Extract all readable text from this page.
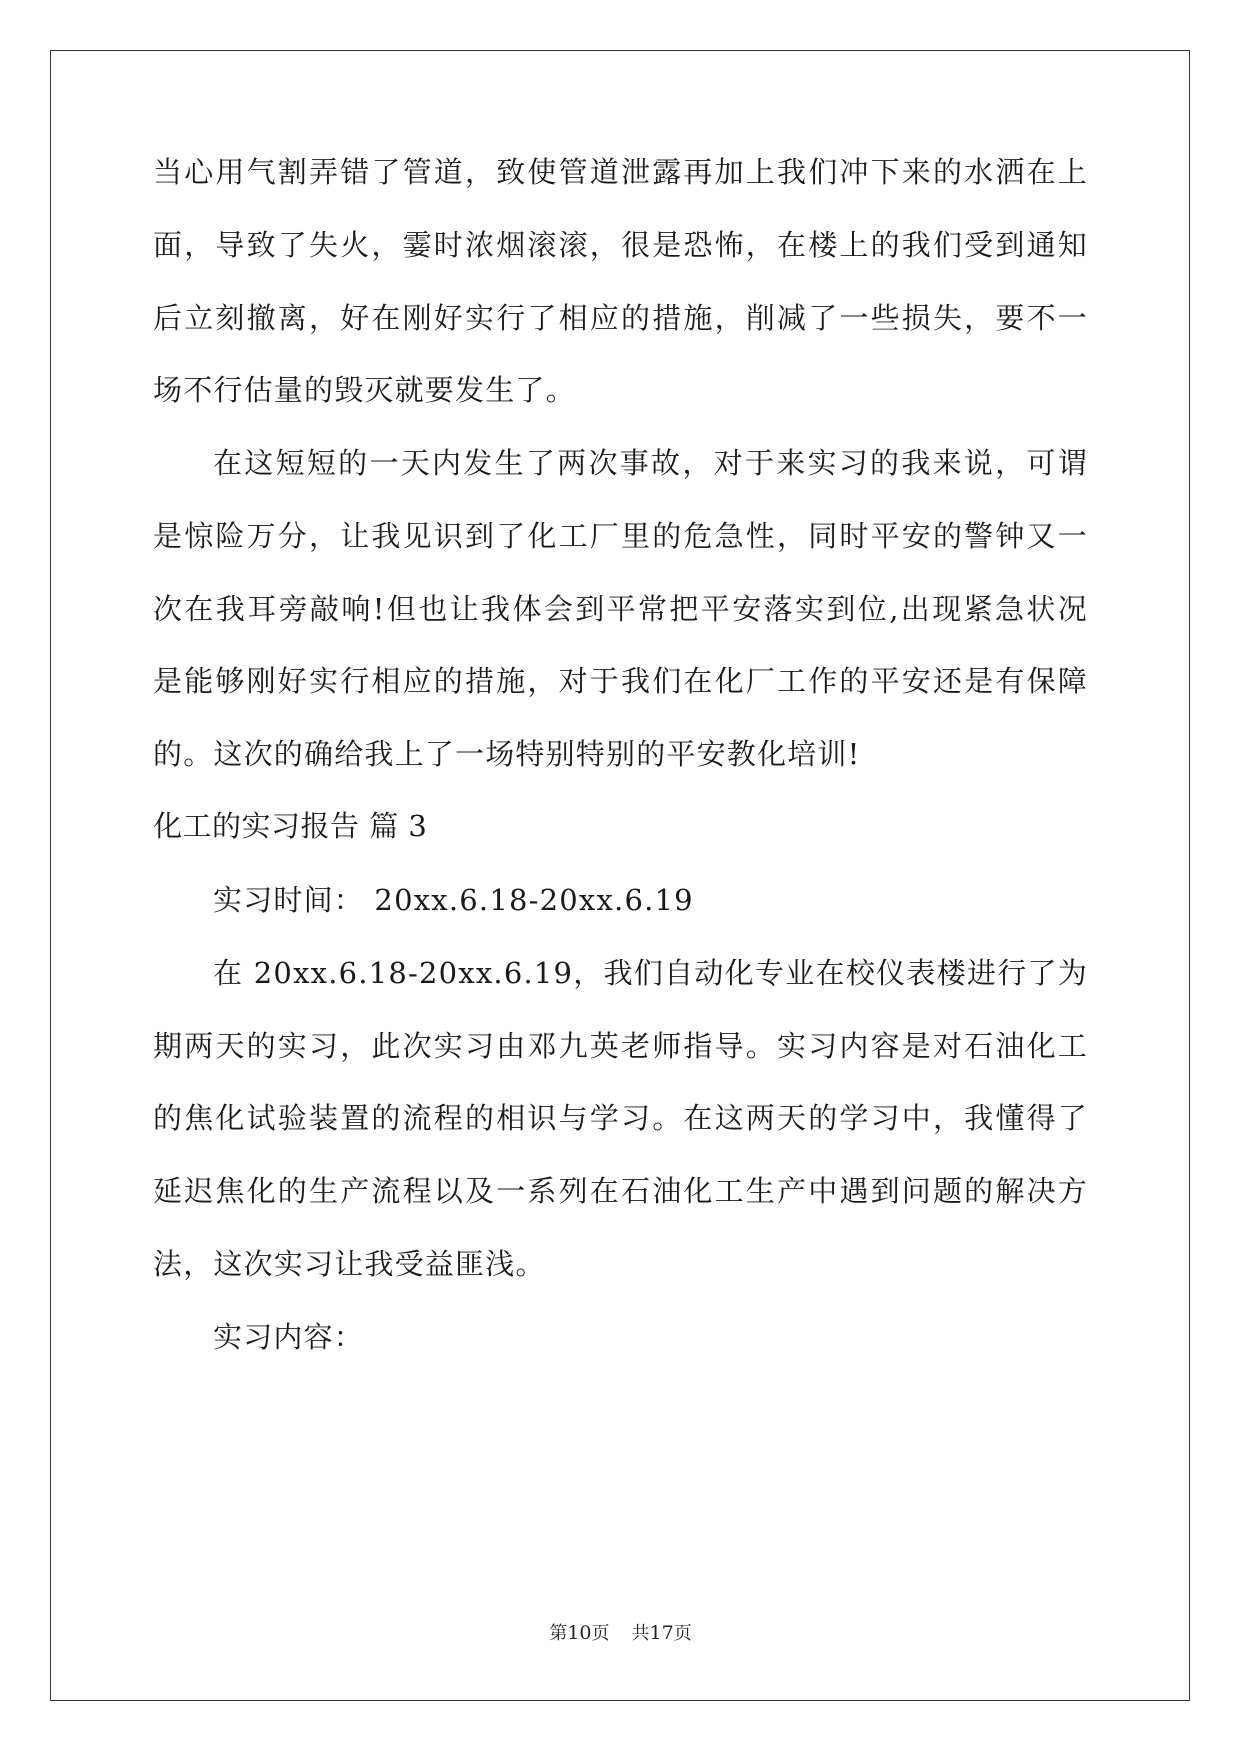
当心用气割弄错了管道，致使管道泄露再加上我们冲下来的水洒在上
面，导致了失火，霎时浓烟滚滚，很是恐怖，在楼上的我们受到通知
后立刻撤离，好在刚好实行了相应的措施，削减了一些损失，要不一
场不行估量的毁灭就要发生了。
在这短短的一天内发生了两次事故，对于来实习的我来说，可谓
是惊险万分，让我见识到了化工厂里的危急性，同时平安的警钟又一
次在我耳旁敲响!但也让我体会到平常把平安落实到位,出现紧急状况
是能够刚好实行相应的措施，对于我们在化厂工作的平安还是有保障
的。这次的确给我上了一场特别特别的平安教化培训!
化工的实习报告 篇 3
实习时间： 20xx.6.18-20xx.6.19
在 20xx.6.18-20xx.6.19，我们自动化专业在校仪表楼进行了为
期两天的实习，此次实习由邓九英老师指导。实习内容是对石油化工
的焦化试验装置的流程的相识与学习。在这两天的学习中，我懂得了
延迟焦化的生产流程以及一系列在石油化工生产中遇到问题的解决方
法，这次实习让我受益匪浅。
实习内容：
第10页 共17页
